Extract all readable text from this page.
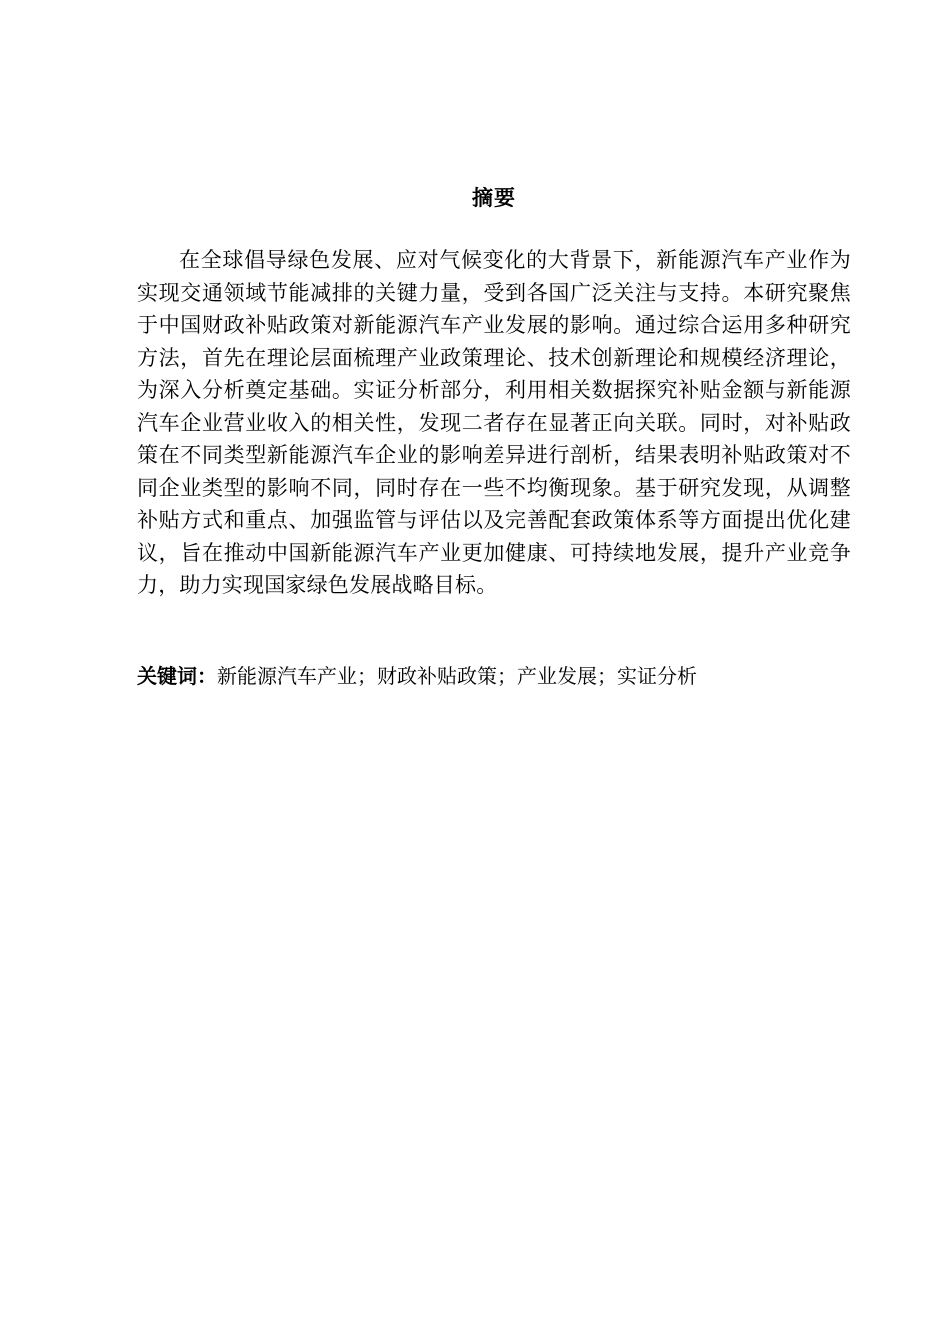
摘要

在全球倡导绿色发展、应对气候变化的大背景下，新能源汽车产业作为实现交通领域节能减排的关键力量，受到各国广泛关注与支持。本研究聚焦于中国财政补贴政策对新能源汽车产业发展的影响。通过综合运用多种研究方法，首先在理论层面梳理产业政策理论、技术创新理论和规模经济理论，为深入分析奠定基础。实证分析部分，利用相关数据探究补贴金额与新能源汽车企业营业收入的相关性，发现二者存在显著正向关联。同时，对补贴政策在不同类型新能源汽车企业的影响差异进行剖析，结果表明补贴政策对不同企业类型的影响不同，同时存在一些不均衡现象。基于研究发现，从调整补贴方式和重点、加强监管与评估以及完善配套政策体系等方面提出优化建议，旨在推动中国新能源汽车产业更加健康、可持续地发展，提升产业竞争力，助力实现国家绿色发展战略目标。

关键词：新能源汽车产业；财政补贴政策；产业发展；实证分析
